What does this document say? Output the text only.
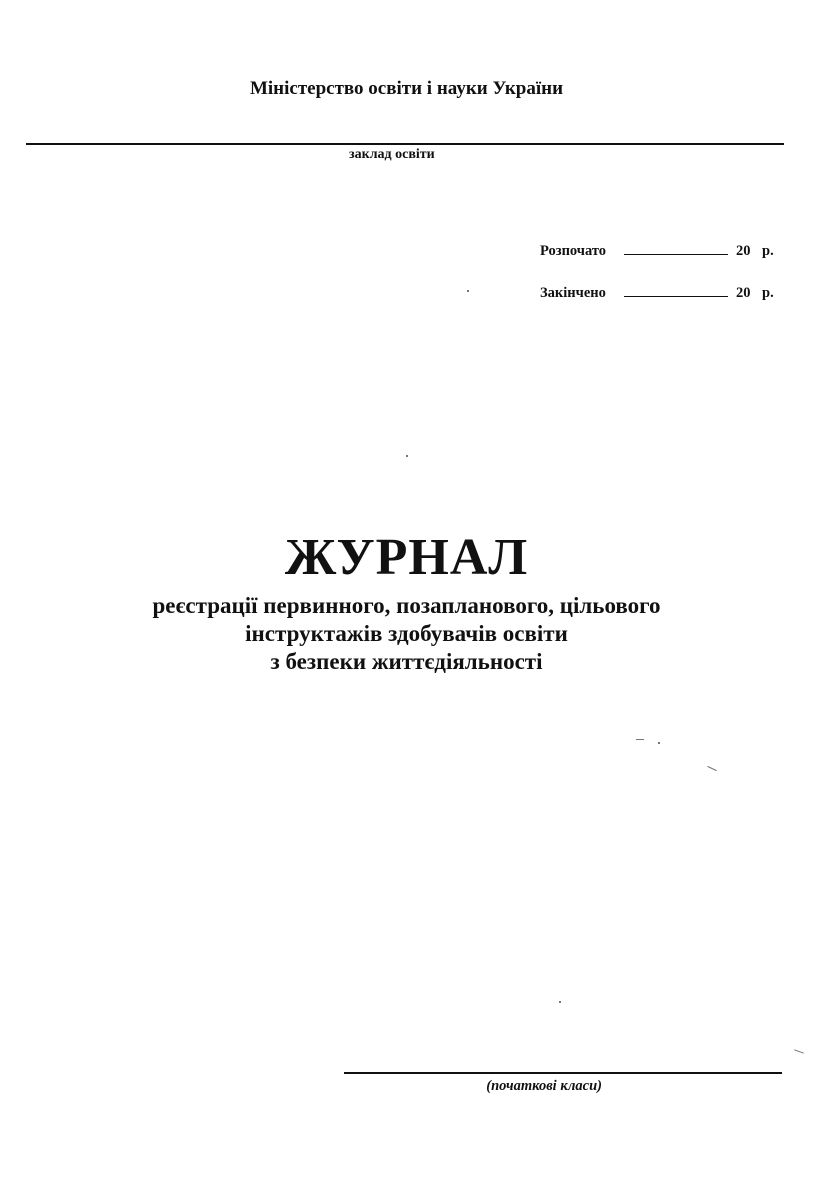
Міністерство освіти і науки України
заклад освіти
Розпочато	20 р.
Закінчено	20 р.
ЖУРНАЛ
реєстрації первинного, позапланового, цільового
інструктажів здобувачів освіти
з безпеки життєдіяльності
(початкові класи)
